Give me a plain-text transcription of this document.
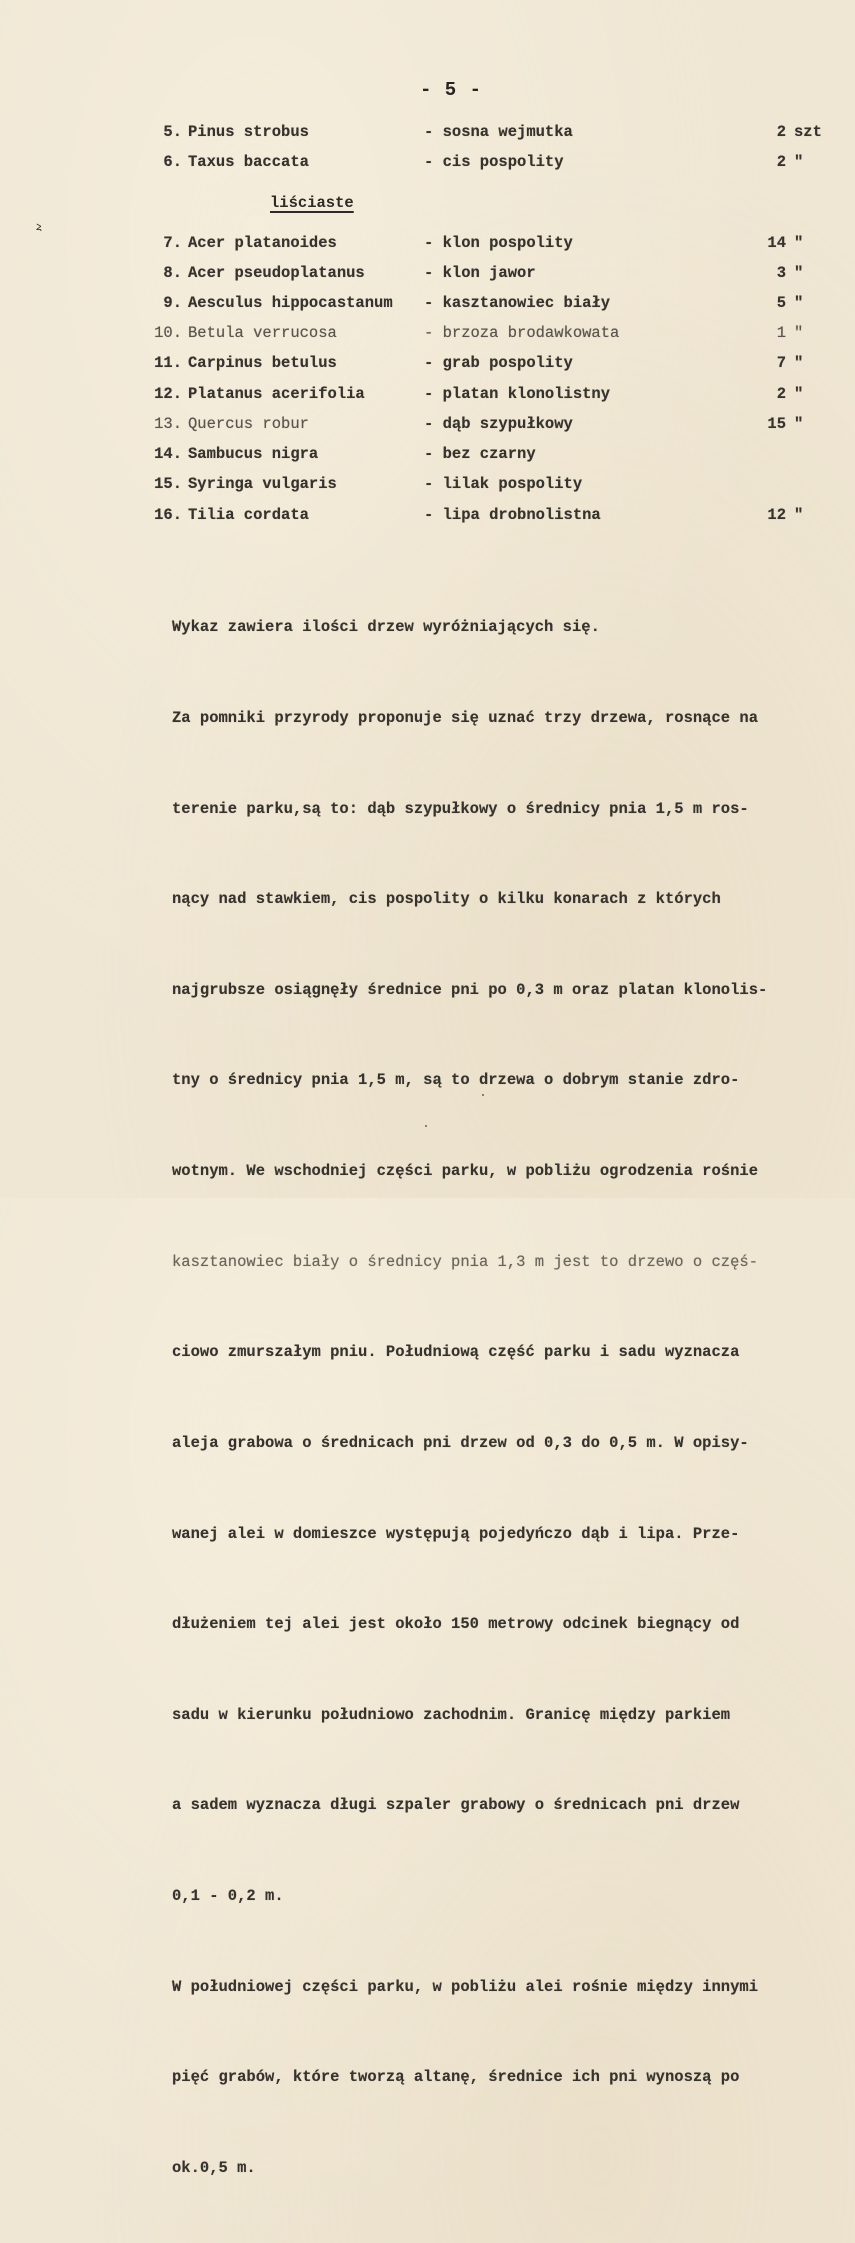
ⲹ
- 5 -
5. Pinus strobus	- sosna wejmutka	2 szt
6. Taxus baccata	- cis pospolity	2 "
liściaste
7. Acer platanoides	- klon pospolity	14 "
8. Acer pseudoplatanus	- klon jawor	3 "
9. Aesculus hippocastanum - kasztanowiec biały	5 "
10. Betula verrucosa	- brzoza brodawkowata	1 "
11. Carpinus betulus	- grab pospolity	7 "
12. Platanus acerifolia	- platan klonolistny	2 "
13. Quercus robur	- dąb szypułkowy	15 "
14. Sambucus nigra	- bez czarny
15. Syringa vulgaris	- lilak pospolity
16. Tilia cordata	- lipa drobnolistna	12 "

Wykaz zawiera ilości drzew wyróżniających się.

Za pomniki przyrody proponuje się uznać trzy drzewa, rosnące na

terenie parku,są to: dąb szypułkowy o średnicy pnia 1,5 m ros-

nący nad stawkiem, cis pospolity o kilku konarach z których

najgrubsze osiągnęły średnice pni po 0,3 m oraz platan klonolis-

tny o średnicy pnia 1,5 m, są to drzewa o dobrym stanie zdro-

wotnym. We wschodniej części parku, w pobliżu ogrodzenia rośnie

kasztanowiec biały o średnicy pnia 1,3 m jest to drzewo o częś-

ciowo zmurszałym pniu. Południową część parku i sadu wyznacza

aleja grabowa o średnicach pni drzew od 0,3 do 0,5 m. W opisy-

wanej alei w domieszce występują pojedyńczo dąb i lipa. Prze-

dłużeniem tej alei jest około 150 metrowy odcinek biegnący od

sadu w kierunku południowo zachodnim. Granicę między parkiem

a sadem wyznacza długi szpaler grabowy o średnicach pni drzew

0,1 - 0,2 m.

W południowej części parku, w pobliżu alei rośnie między innymi

pięć grabów, które tworzą altanę, średnice ich pni wynoszą po

ok.0,5 m.
